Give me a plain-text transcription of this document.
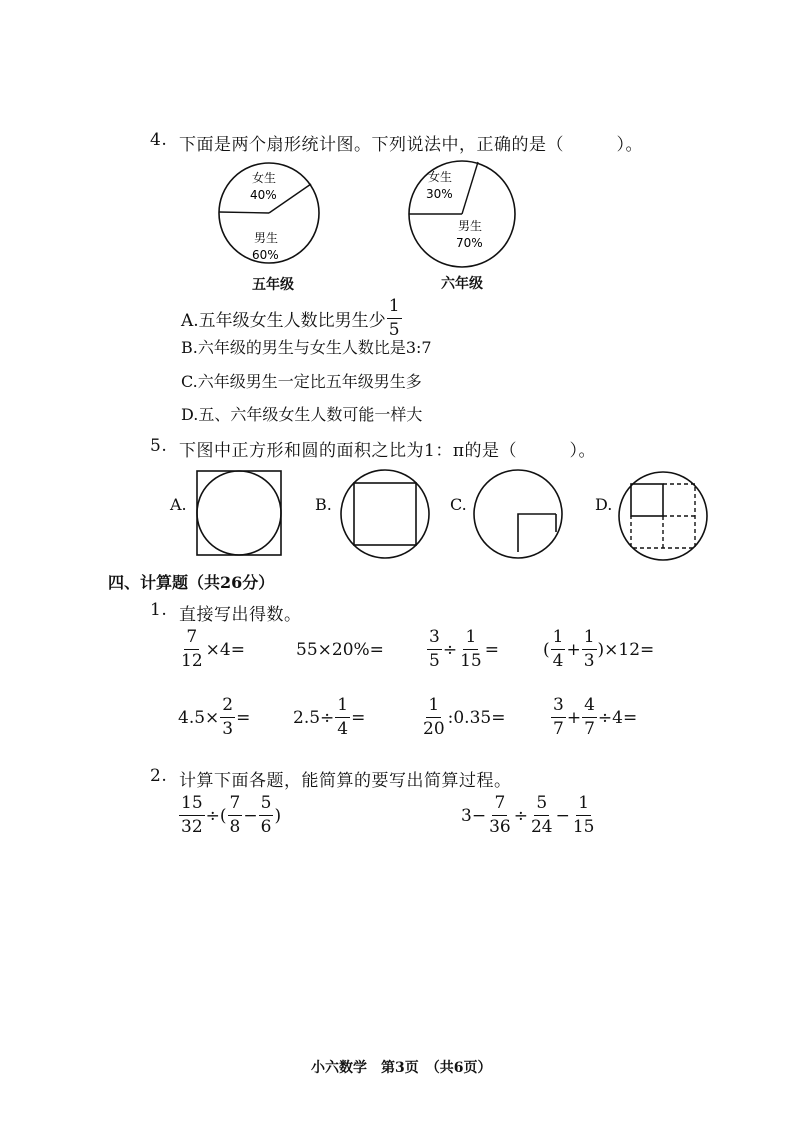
4. 下面是两个扇形统计图。下列说法中，正确的是（　　　）。
女生
40%
男生
60%
五年级
女生
30%
男生
70%
六年级
A.五年级女生人数比男生少 $\frac{1}{5}$
B.六年级的男生与女生人数比是3:7
C.六年级男生一定比五年级男生多
D.五、六年级女生人数可能一样大
5. 下图中正方形和圆的面积之比为1：π的是（　　　）。
A.	B.	C.	D.
四、计算题（共26分）
1. 直接写出得数。
$\frac{7}{12} \times 4=$	55×20%=	$\frac{3}{5} \div \frac{1}{15}$ =	( $\frac{1}{4} + \frac{1}{3} )\times 12=$
$4.5\times \frac{2}{3}$ =	$2.5\div \frac{1}{4}$ =	$\frac{1}{20}$ :0.35=	$\frac{3}{7} + \frac{4}{7} \div 4=$
2. 计算下面各题，能简算的要写出简算过程。
$\frac{15}{32}$ ÷( $\frac{7}{8} - \frac{5}{6}$ )	$3- \frac{7}{36} \div \frac{5}{24} - \frac{1}{15}$
小六数学　第3页　（共6页）
